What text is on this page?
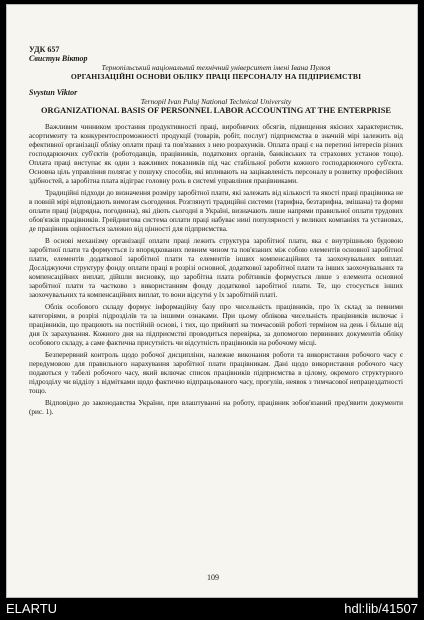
УДК 657
Свистун Віктор
Тернопільський національний технічний університет імені Івана Пулюя
ОРГАНІЗАЦІЙНІ ОСНОВИ ОБЛІКУ ПРАЦІ ПЕРСОНАЛУ НА ПІДПРИЄМСТВІ
Svystun Viktor
Ternopil Ivan Puluj National Technical University
ORGANIZATIONAL BASIS OF PERSONNEL LABOR ACCOUNTING AT THE ENTERPRISE

Важливим чинником зростання продуктивності праці, виробничих обсягів, підвищення якісних характеристик, асортименту та конкурентоспроможності продукції (товарів, робіт, послуг) підприємства в значній мірі залежить від ефективної організації обліку оплати праці та пов'язаних з нею розрахунків. Оплата праці є на перетині інтересів різних господарюючих суб'єктів (роботодавців, працівників, податкових органів, банківських та страхових установ тощо). Оплата праці виступає як один з важливих показників під час стабільної роботи кожного господарюючого суб'єкта. Основна ціль управління полягає у пошуку способів, які впливають на зацікавленість персоналу в розвитку професійних здібностей, а заробітна плата відіграє головну роль в системі управління працівниками.

Традиційні підходи до визначення розміру заробітної плати, які залежать від кількості та якості праці працівника не в повній мірі відповідають вимогам сьогодення. Розглянуті традиційні системи (тарифна, безтарифна, змішана) та форми оплати праці (відрядна, погодинна), які діють сьогодні в Україні, визначають лише напрями правильної оплати трудових обов'язків працівників. Грейдингова система оплати праці набуває нині популярності у великих компаніях та установах, де працівник оцінюється залежно від цінності для підприємства.

В основі механізму організації оплати праці лежить структура заробітної плати, яка є внутрішньою будовою заробітної плати та формується із впорядкованих певним чином та пов'язаних між собою елементів основної заробітної плати, елементів додаткової заробітної плати та елементів інших компенсаційних та заохочувальних виплат. Досліджуючи структуру фонду оплати праці в розрізі основної, додаткової заробітної плати та інших заохочувальних та компенсаційних виплат, дійшли висновку, що заробітна плата робітників формується лише з елемента основної заробітної плати та частково з використанням фонду додаткової заробітної плати. Те, що стосується інших заохочувальних та компенсаційних виплат, то вони відсутні у їх заробітній платі.

Облік особового складу формує інформаційну базу про чисельність працівників, про їх склад за певними категоріями, в розрізі підрозділів та за іншими ознаками. При цьому облікова чисельність працівників включає і працівників, що працюють на постійній основі, і тих, що прийняті на тимчасовій роботі терміном на день і більше від дня їх зарахування. Кожного дня на підприємстві проводиться перевірка, за допомогою первинних документів обліку особового складу, а саме фактична присутність чи відсутність працівників на робочому місці.

Безперервний контроль щодо робочої дисципліни, належне виконання роботи та використання робочого часу є передумовою для правильного нарахування заробітної плати працівникам. Дані щодо використання робочого часу подаються у табелі робочого часу, який включає список працівників підприємства в цілому, окремого структурного підрозділу чи відділу з відмітками щодо фактично відпрацьованого часу, прогулів, неявок з тимчасової непрацездатності тощо.

Відповідно до законодавства України, при влаштуванні на роботу, працівник зобов'язаний пред'явити документи (рис. 1).

109
ELARTU	hdl:lib/41507
